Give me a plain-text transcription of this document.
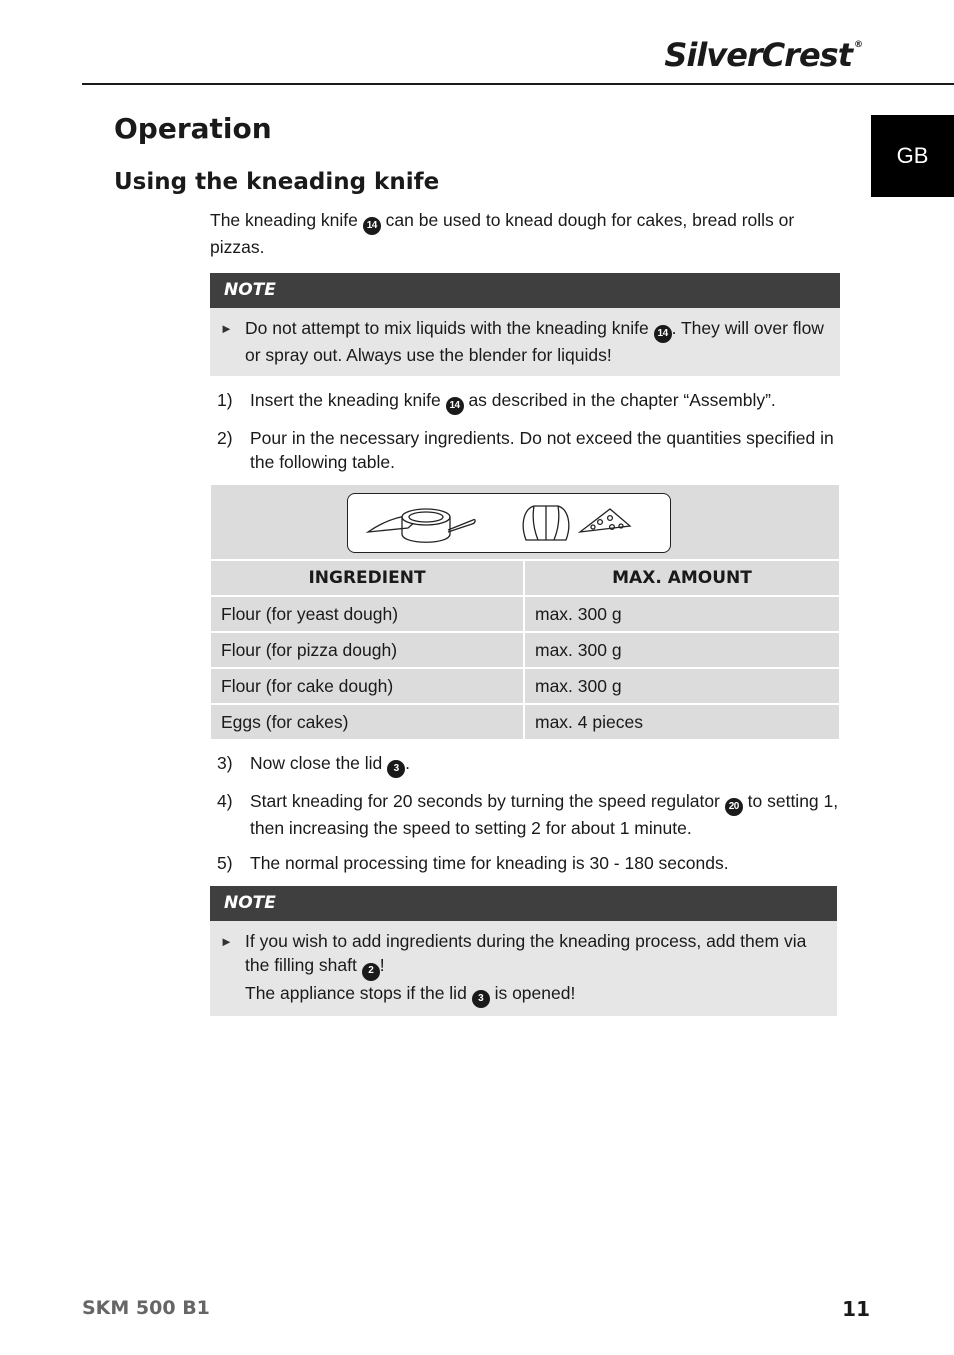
SilverCrest ®
GB
Operation
Using the kneading knife

The kneading knife 14 can be used to knead dough for cakes, bread rolls or pizzas.

NOTE
► Do not attempt to mix liquids with the kneading knife 14 . They will over flow or spray out. Always use the blender for liquids!
1) Insert the kneading knife 14 as described in the chapter “Assembly”.
2) Pour in the necessary ingredients. Do not exceed the quantities specified in the following table.
INGREDIENT	MAX. AMOUNT
Flour (for yeast dough)	max. 300 g
Flour (for pizza dough)	max. 300 g
Flour (for cake dough)	max. 300 g
Eggs (for cakes)	max. 4 pieces
3) Now close the lid 3 .
4) Start kneading for 20 seconds by turning the speed regulator 20 to setting 1, then increasing the speed to setting 2 for about 1 minute.
5) The normal processing time for kneading is 30 - 180 seconds.
NOTE
► If you wish to add ingredients during the kneading process, add them via the filling shaft 2 !
The appliance stops if the lid 3 is opened!
SKM 500 B1	11
